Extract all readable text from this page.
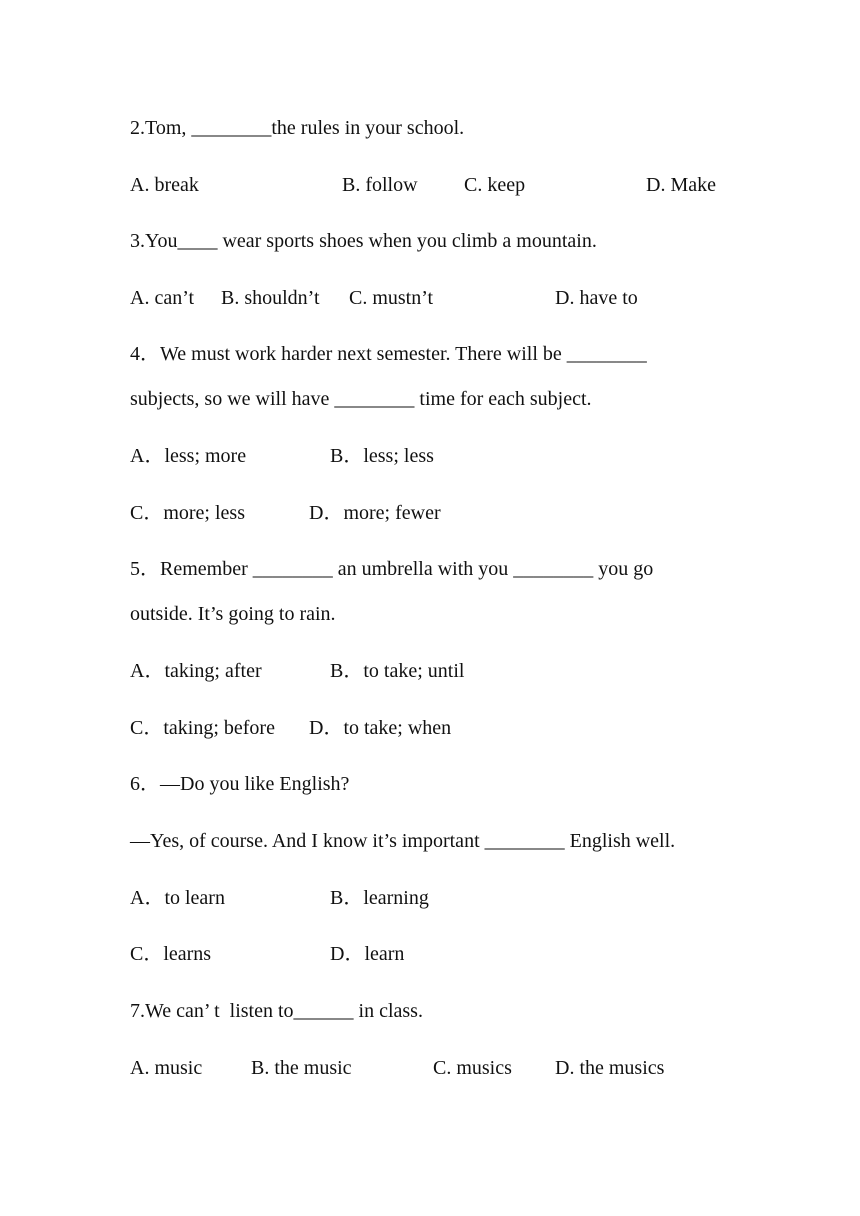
2.Tom, ________the rules in your school.
A. break	B. follow C. keep	D. Make
3.You____ wear sports shoes when you climb a mountain.
A. can’t B. shouldn’t C. mustn’t	D. have to
4．We must work harder next semester. There will be ________
subjects, so we will have ________ time for each subject.
A．less; more	B．less; less
C．more; less	D．more; fewer
5．Remember ________ an umbrella with you ________ you go
outside. It’s going to rain.
A．taking; after	B．to take; until
C．taking; before D．to take; when
6．—Do you like English?
—Yes, of course. And I know it’s important ________ English well.
A．to learn	B．learning
C．learns	D．learn
7.We can’ t  listen to______ in class.
A. music B. the music	C. musics D. the musics
